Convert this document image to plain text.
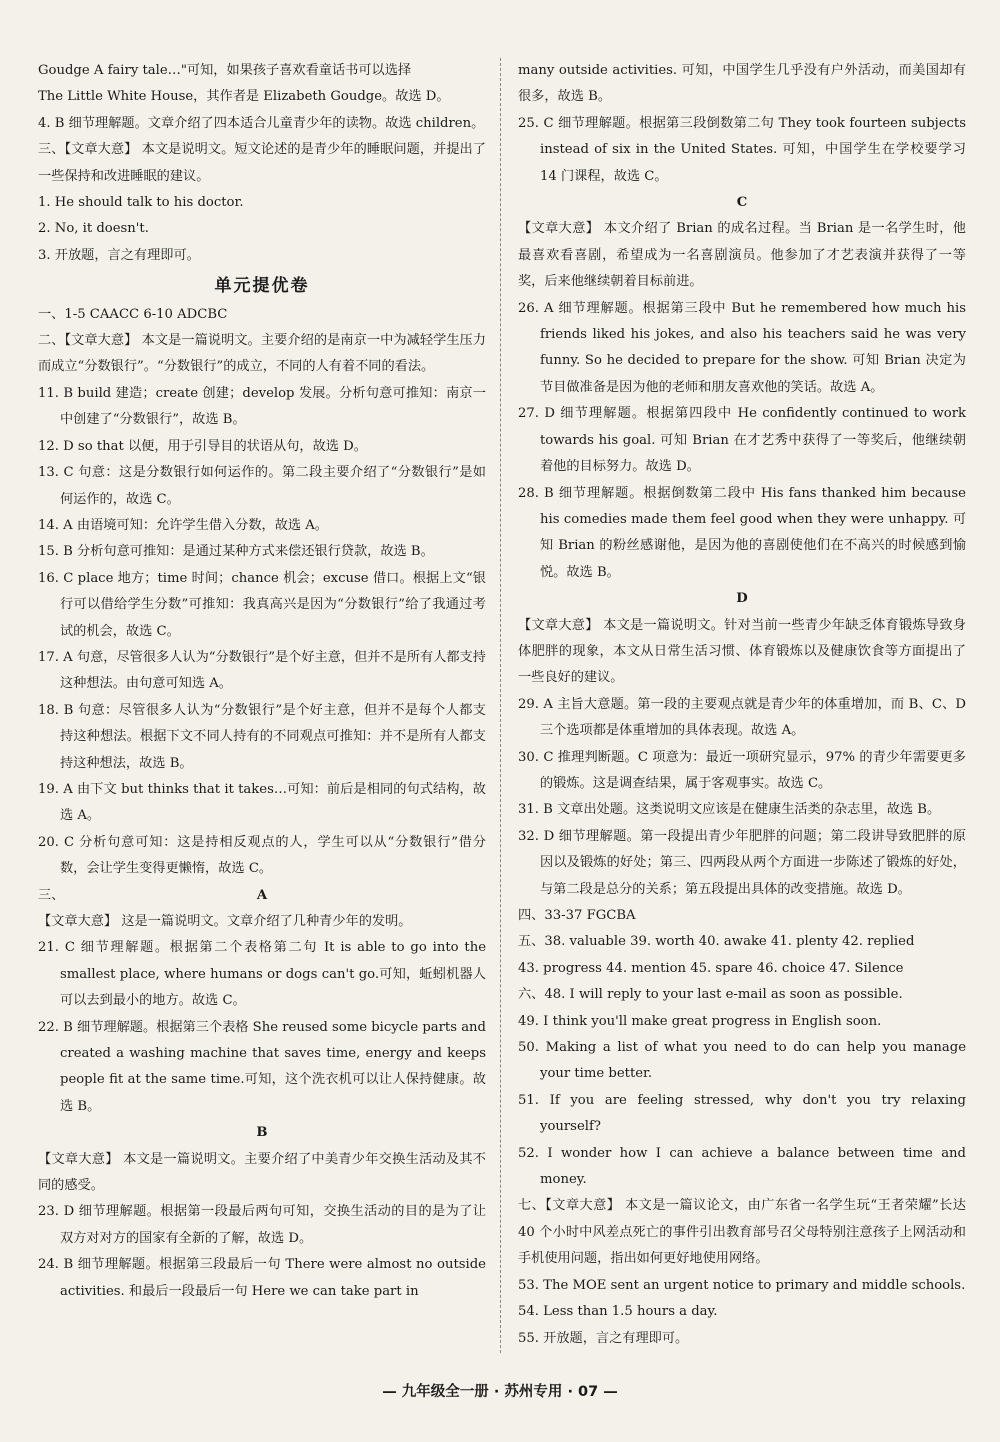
Goudge A fairy tale…"可知，如果孩子喜欢看童话书可以选择

The Little White House，其作者是 Elizabeth Goudge。故选 D。

4. B 细节理解题。文章介绍了四本适合儿童青少年的读物。故选 children。

三、【文章大意】 本文是说明文。短文论述的是青少年的睡眠问题，并提出了一些保持和改进睡眠的建议。

1. He should talk to his doctor.

2. No, it doesn't.

3. 开放题，言之有理即可。

单元提优卷

一、1-5 CAACC 6-10 ADCBC

二、【文章大意】 本文是一篇说明文。主要介绍的是南京一中为减轻学生压力而成立“分数银行”。“分数银行”的成立，不同的人有着不同的看法。

11. B build 建造；create 创建；develop 发展。分析句意可推知：南京一中创建了“分数银行”，故选 B。

12. D so that 以便，用于引导目的状语从句，故选 D。

13. C 句意：这是分数银行如何运作的。第二段主要介绍了“分数银行”是如何运作的，故选 C。

14. A 由语境可知：允许学生借入分数，故选 A。

15. B 分析句意可推知：是通过某种方式来偿还银行贷款，故选 B。

16. C place 地方；time 时间；chance 机会；excuse 借口。根据上文“银行可以借给学生分数”可推知：我真高兴是因为“分数银行”给了我通过考试的机会，故选 C。

17. A 句意，尽管很多人认为“分数银行”是个好主意，但并不是所有人都支持这种想法。由句意可知选 A。

18. B 句意：尽管很多人认为“分数银行”是个好主意，但并不是每个人都支持这种想法。根据下文不同人持有的不同观点可推知：并不是所有人都支持这种想法，故选 B。

19. A 由下文 but thinks that it takes…可知：前后是相同的句式结构，故选 A。

20. C 分析句意可知：这是持相反观点的人，学生可以从“分数银行”借分数，会让学生变得更懒惰，故选 C。

三、	A

【文章大意】 这是一篇说明文。文章介绍了几种青少年的发明。

21. C 细节理解题。根据第二个表格第二句 It is able to go into the smallest place, where humans or dogs can't go.可知，蚯蚓机器人可以去到最小的地方。故选 C。

22. B 细节理解题。根据第三个表格 She reused some bicycle parts and created a washing machine that saves time, energy and keeps people fit at the same time.可知，这个洗衣机可以让人保持健康。故选 B。

B

【文章大意】 本文是一篇说明文。主要介绍了中美青少年交换生活动及其不同的感受。

23. D 细节理解题。根据第一段最后两句可知，交换生活动的目的是为了让双方对对方的国家有全新的了解，故选 D。

24. B 细节理解题。根据第三段最后一句 There were almost no outside activities. 和最后一段最后一句 Here we can take part in

many outside activities. 可知，中国学生几乎没有户外活动，而美国却有很多，故选 B。

25. C 细节理解题。根据第三段倒数第二句 They took fourteen subjects instead of six in the United States. 可知，中国学生在学校要学习 14 门课程，故选 C。

C

【文章大意】 本文介绍了 Brian 的成名过程。当 Brian 是一名学生时，他最喜欢看喜剧，希望成为一名喜剧演员。他参加了才艺表演并获得了一等奖，后来他继续朝着目标前进。

26. A 细节理解题。根据第三段中 But he remembered how much his friends liked his jokes, and also his teachers said he was very funny. So he decided to prepare for the show. 可知 Brian 决定为节目做准备是因为他的老师和朋友喜欢他的笑话。故选 A。

27. D 细节理解题。根据第四段中 He confidently continued to work towards his goal. 可知 Brian 在才艺秀中获得了一等奖后，他继续朝着他的目标努力。故选 D。

28. B 细节理解题。根据倒数第二段中 His fans thanked him because his comedies made them feel good when they were unhappy. 可知 Brian 的粉丝感谢他，是因为他的喜剧使他们在不高兴的时候感到愉悦。故选 B。

D

【文章大意】 本文是一篇说明文。针对当前一些青少年缺乏体育锻炼导致身体肥胖的现象，本文从日常生活习惯、体育锻炼以及健康饮食等方面提出了一些良好的建议。

29. A 主旨大意题。第一段的主要观点就是青少年的体重增加，而 B、C、D 三个选项都是体重增加的具体表现。故选 A。

30. C 推理判断题。C 项意为：最近一项研究显示，97% 的青少年需要更多的锻炼。这是调查结果，属于客观事实。故选 C。

31. B 文章出处题。这类说明文应该是在健康生活类的杂志里，故选 B。

32. D 细节理解题。第一段提出青少年肥胖的问题；第二段讲导致肥胖的原因以及锻炼的好处；第三、四两段从两个方面进一步陈述了锻炼的好处，与第二段是总分的关系；第五段提出具体的改变措施。故选 D。

四、33-37 FGCBA

五、38. valuable 39. worth 40. awake 41. plenty 42. replied

43. progress 44. mention 45. spare 46. choice 47. Silence

六、48. I will reply to your last e-mail as soon as possible.

49. I think you'll make great progress in English soon.

50. Making a list of what you need to do can help you manage your time better.

51. If you are feeling stressed, why don't you try relaxing yourself?

52. I wonder how I can achieve a balance between time and money.

七、【文章大意】 本文是一篇议论文，由广东省一名学生玩“王者荣耀”长达 40 个小时中风差点死亡的事件引出教育部号召父母特别注意孩子上网活动和手机使用问题，指出如何更好地使用网络。

53. The MOE sent an urgent notice to primary and middle schools.

54. Less than 1.5 hours a day.

55. 开放题，言之有理即可。

— 九年级全一册 · 苏州专用 · 07 —
